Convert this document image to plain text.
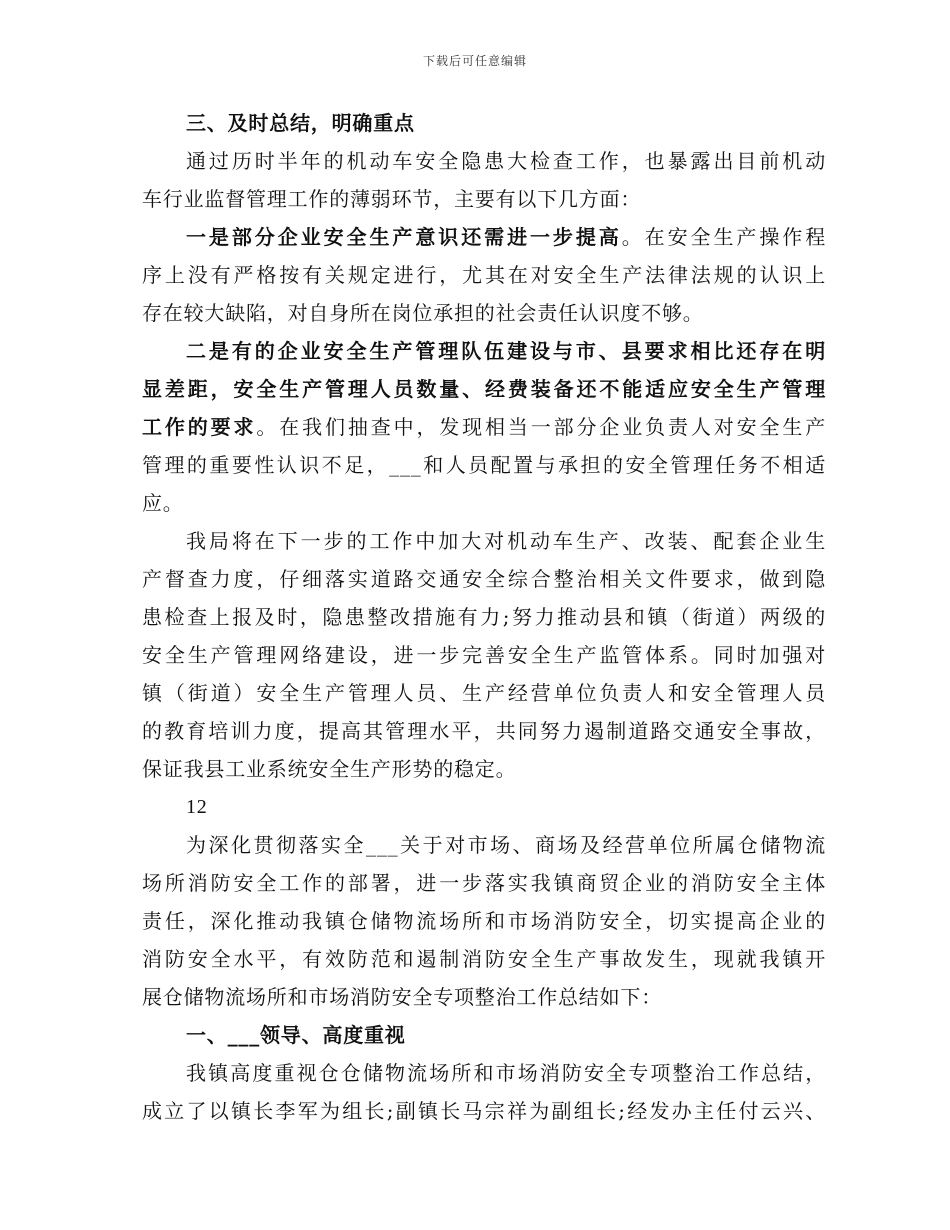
下载后可任意编辑
三、及时总结，明确重点
通过历时半年的机动车安全隐患大检查工作，也暴露出目前机动
车行业监督管理工作的薄弱环节，主要有以下几方面：
一是部分企业安全生产意识还需进一步提高。在安全生产操作程
序上没有严格按有关规定进行，尤其在对安全生产法律法规的认识上
存在较大缺陷，对自身所在岗位承担的社会责任认识度不够。
二是有的企业安全生产管理队伍建设与市、县要求相比还存在明
显差距，安全生产管理人员数量、经费装备还不能适应安全生产管理
工作的要求。在我们抽查中，发现相当一部分企业负责人对安全生产
管理的重要性认识不足，___和人员配置与承担的安全管理任务不相适
应。
我局将在下一步的工作中加大对机动车生产、改装、配套企业生
产督查力度，仔细落实道路交通安全综合整治相关文件要求，做到隐
患检查上报及时，隐患整改措施有力;努力推动县和镇（街道）两级的
安全生产管理网络建设，进一步完善安全生产监管体系。同时加强对
镇（街道）安全生产管理人员、生产经营单位负责人和安全管理人员
的教育培训力度，提高其管理水平，共同努力遏制道路交通安全事故，
保证我县工业系统安全生产形势的稳定。
12
为深化贯彻落实全___关于对市场、商场及经营单位所属仓储物流
场所消防安全工作的部署，进一步落实我镇商贸企业的消防安全主体
责任，深化推动我镇仓储物流场所和市场消防安全，切实提高企业的
消防安全水平，有效防范和遏制消防安全生产事故发生，现就我镇开
展仓储物流场所和市场消防安全专项整治工作总结如下：
一、___领导、高度重视
我镇高度重视仓仓储物流场所和市场消防安全专项整治工作总结，
成立了以镇长李军为组长;副镇长马宗祥为副组长;经发办主任付云兴、
